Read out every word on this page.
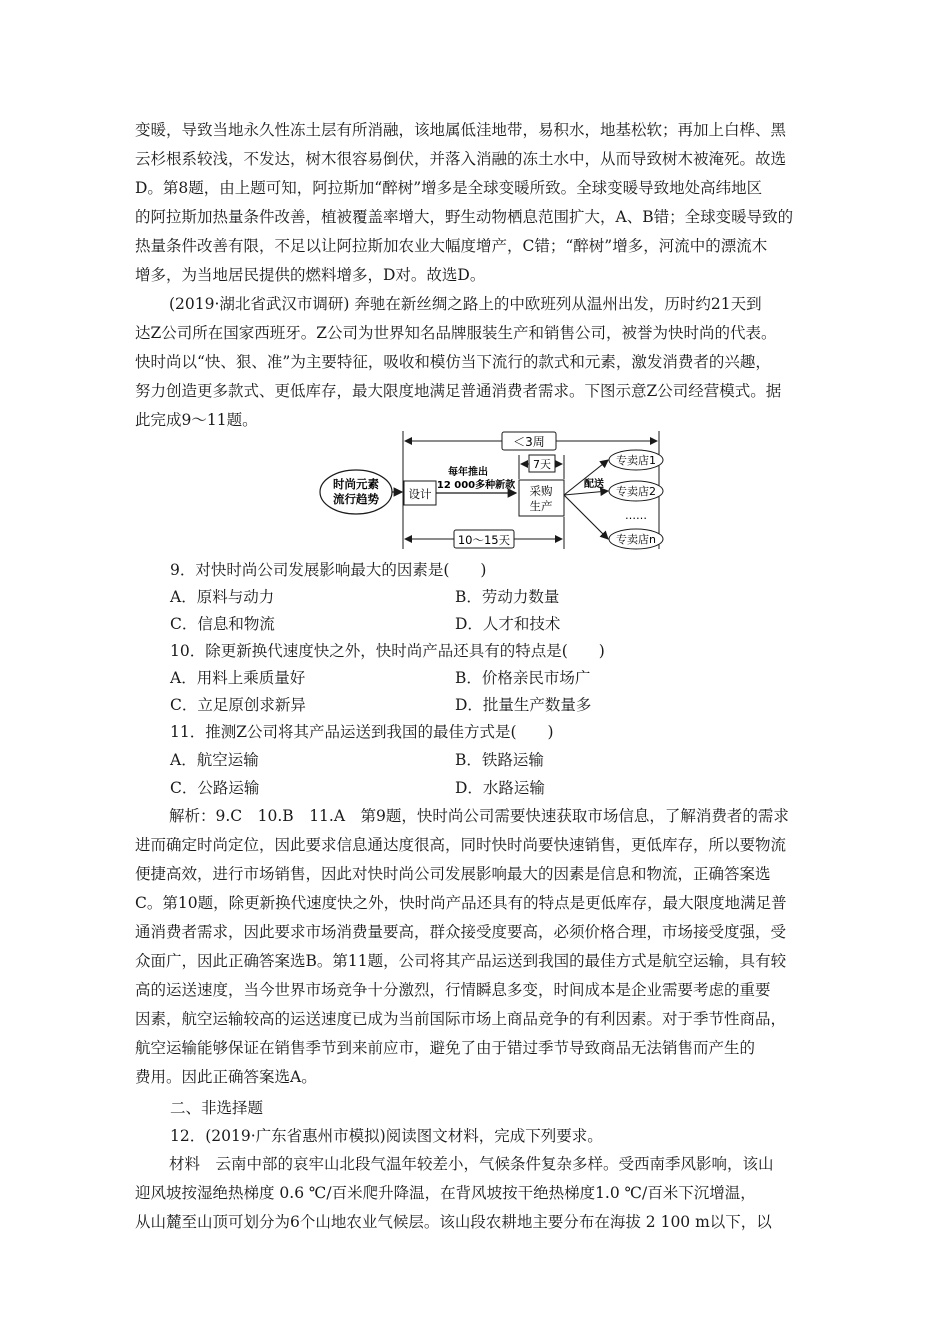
变暖，导致当地永久性冻土层有所消融，该地属低洼地带，易积水，地基松软；再加上白桦、黑
云杉根系较浅，不发达，树木很容易倒伏，并落入消融的冻土水中，从而导致树木被淹死。故选
D。第8题，由上题可知，阿拉斯加“醉树”增多是全球变暖所致。全球变暖导致地处高纬地区
的阿拉斯加热量条件改善，植被覆盖率增大，野生动物栖息范围扩大，A、B错；全球变暖导致的
热量条件改善有限，不足以让阿拉斯加农业大幅度增产，C错；“醉树”增多，河流中的漂流木
增多，为当地居民提供的燃料增多，D对。故选D。
(2019·湖北省武汉市调研) 奔驰在新丝绸之路上的中欧班列从温州出发，历时约21天到
达Z公司所在国家西班牙。Z公司为世界知名品牌服装生产和销售公司，被誉为快时尚的代表。
快时尚以“快、狠、准”为主要特征，吸收和模仿当下流行的款式和元素，激发消费者的兴趣，
努力创造更多款式、更低库存，最大限度地满足普通消费者需求。下图示意Z公司经营模式。据
此完成9～11题。
＜3周
时尚元素
流行趋势	设计
每年推出
12 000多种新款
7天
采购
生产
配送
专卖店1
专卖店2
……
专卖店n
10～15天
9．对快时尚公司发展影响最大的因素是(　　)
A．原料与动力	B．劳动力数量
C．信息和物流	D．人才和技术
10．除更新换代速度快之外，快时尚产品还具有的特点是(　　)
A．用料上乘质量好	B．价格亲民市场广
C．立足原创求新异	D．批量生产数量多
11．推测Z公司将其产品运送到我国的最佳方式是(　　)
A．航空运输	B．铁路运输
C．公路运输	D．水路运输
解析：9.C　10.B　11.A　第9题，快时尚公司需要快速获取市场信息，了解消费者的需求
进而确定时尚定位，因此要求信息通达度很高，同时快时尚要快速销售，更低库存，所以要物流
便捷高效，进行市场销售，因此对快时尚公司发展影响最大的因素是信息和物流，正确答案选
C。第10题，除更新换代速度快之外，快时尚产品还具有的特点是更低库存，最大限度地满足普
通消费者需求，因此要求市场消费量要高，群众接受度要高，必须价格合理，市场接受度强，受
众面广，因此正确答案选B。第11题，公司将其产品运送到我国的最佳方式是航空运输，具有较
高的运送速度，当今世界市场竞争十分激烈，行情瞬息多变，时间成本是企业需要考虑的重要
因素，航空运输较高的运送速度已成为当前国际市场上商品竞争的有利因素。对于季节性商品，
航空运输能够保证在销售季节到来前应市，避免了由于错过季节导致商品无法销售而产生的
费用。因此正确答案选A。
二、非选择题
12．(2019·广东省惠州市模拟)阅读图文材料，完成下列要求。
材料　云南中部的哀牢山北段气温年较差小，气候条件复杂多样。受西南季风影响，该山
迎风坡按湿绝热梯度 0.6 ℃/百米爬升降温，在背风坡按干绝热梯度1.0 ℃/百米下沉增温，
从山麓至山顶可划分为6个山地农业气候层。该山段农耕地主要分布在海拔 2 100 m以下，以
